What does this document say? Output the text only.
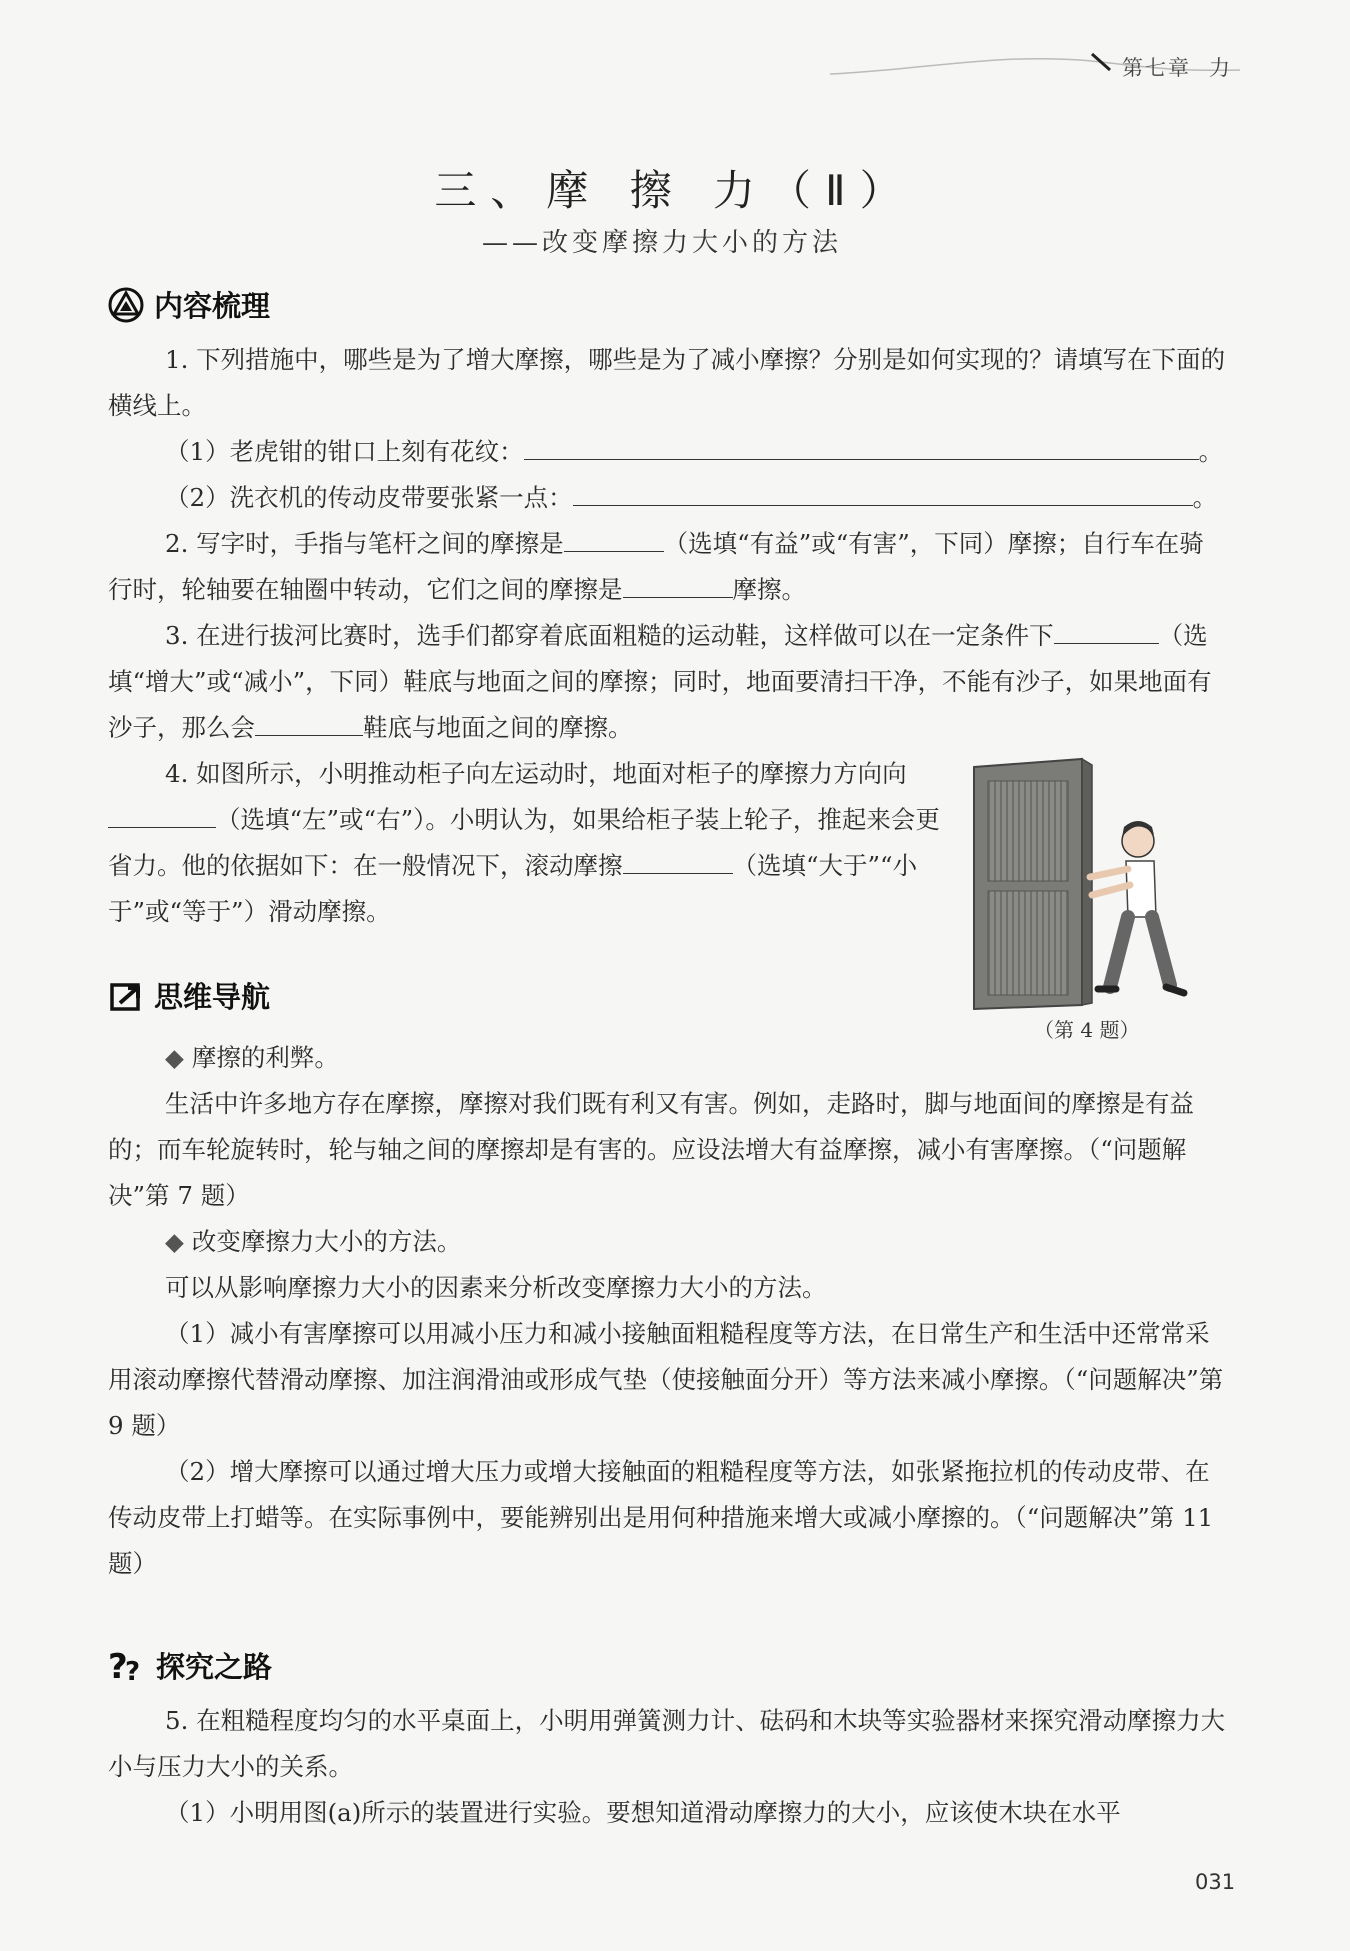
第七章 力
三、摩 擦 力（Ⅱ）
——改变摩擦力大小的方法
内容梳理

1. 下列措施中，哪些是为了增大摩擦，哪些是为了减小摩擦？分别是如何实现的？请填写在下面的横线上。

（1）老虎钳的钳口上刻有花纹：	。

（2）洗衣机的传动皮带要张紧一点：	。

2. 写字时，手指与笔杆之间的摩擦是	（选填“有益”或“有害”，下同）摩擦；自行车在骑行时，轮轴要在轴圈中转动，它们之间的摩擦是	摩擦。

3. 在进行拔河比赛时，选手们都穿着底面粗糙的运动鞋，这样做可以在一定条件下	（选填“增大”或“减小”，下同）鞋底与地面之间的摩擦；同时，地面要清扫干净，不能有沙子，如果地面有沙子，那么会	鞋底与地面之间的摩擦。

4. 如图所示，小明推动柜子向左运动时，地面对柜子的摩擦力方向向（选填“左”或“右”）。小明认为，如果给柜子装上轮子，推起来会更省力。他的依据如下：在一般情况下，滚动摩擦	（选填“大于”“小于”或“等于”）滑动摩擦。

（第 4 题）
思维导航

◆ 摩擦的利弊。

生活中许多地方存在摩擦，摩擦对我们既有利又有害。例如，走路时，脚与地面间的摩擦是有益的；而车轮旋转时，轮与轴之间的摩擦却是有害的。应设法增大有益摩擦，减小有害摩擦。（“问题解决”第 7 题）

◆ 改变摩擦力大小的方法。

可以从影响摩擦力大小的因素来分析改变摩擦力大小的方法。

（1）减小有害摩擦可以用减小压力和减小接触面粗糙程度等方法，在日常生产和生活中还常常采用滚动摩擦代替滑动摩擦、加注润滑油或形成气垫（使接触面分开）等方法来减小摩擦。（“问题解决”第 9 题）

（2）增大摩擦可以通过增大压力或增大接触面的粗糙程度等方法，如张紧拖拉机的传动皮带、在传动皮带上打蜡等。在实际事例中，要能辨别出是用何种措施来增大或减小摩擦的。（“问题解决”第 11 题）

?
? 探究之路

5. 在粗糙程度均匀的水平桌面上，小明用弹簧测力计、砝码和木块等实验器材来探究滑动摩擦力大小与压力大小的关系。

（1）小明用图(a)所示的装置进行实验。要想知道滑动摩擦力的大小，应该使木块在水平

031
